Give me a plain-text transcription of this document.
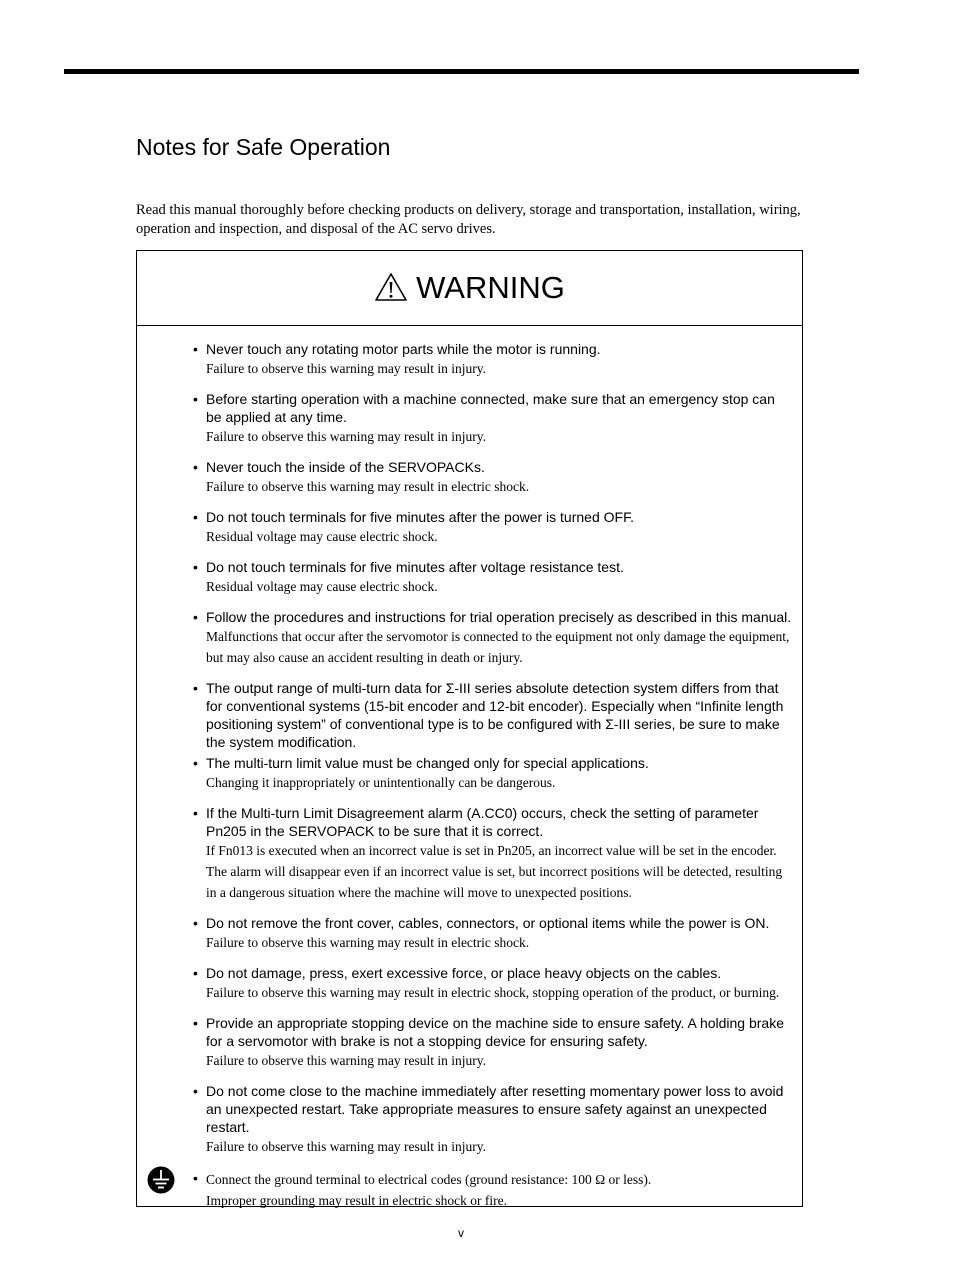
Notes for Safe Operation

Read this manual thoroughly before checking products on delivery, storage and transportation, installation, wiring, operation and inspection, and disposal of the AC servo drives.

WARNING
• Never touch any rotating motor parts while the motor is running.
Failure to observe this warning may result in injury.
• Before starting operation with a machine connected, make sure that an emergency stop can be applied at any time.
Failure to observe this warning may result in injury.
• Never touch the inside of the SERVOPACKs.
Failure to observe this warning may result in electric shock.
• Do not touch terminals for five minutes after the power is turned OFF.
Residual voltage may cause electric shock.
• Do not touch terminals for five minutes after voltage resistance test.
Residual voltage may cause electric shock.
• Follow the procedures and instructions for trial operation precisely as described in this manual.
Malfunctions that occur after the servomotor is connected to the equipment not only damage the equipment, but may also cause an accident resulting in death or injury.
• The output range of multi-turn data for Σ-III series absolute detection system differs from that for conventional systems (15-bit encoder and 12-bit encoder). Especially when “Infinite length positioning system” of conventional type is to be configured with Σ-III series, be sure to make the system modification.
• The multi-turn limit value must be changed only for special applications.
Changing it inappropriately or unintentionally can be dangerous.
• If the Multi-turn Limit Disagreement alarm (A.CC0) occurs, check the setting of parameter Pn205 in the SERVOPACK to be sure that it is correct.
If Fn013 is executed when an incorrect value is set in Pn205, an incorrect value will be set in the encoder. The alarm will disappear even if an incorrect value is set, but incorrect positions will be detected, resulting in a dangerous situation where the machine will move to unexpected positions.
• Do not remove the front cover, cables, connectors, or optional items while the power is ON.
Failure to observe this warning may result in electric shock.
• Do not damage, press, exert excessive force, or place heavy objects on the cables.
Failure to observe this warning may result in electric shock, stopping operation of the product, or burning.
• Provide an appropriate stopping device on the machine side to ensure safety. A holding brake for a servomotor with brake is not a stopping device for ensuring safety.
Failure to observe this warning may result in injury.
• Do not come close to the machine immediately after resetting momentary power loss to avoid an unexpected restart. Take appropriate measures to ensure safety against an unexpected restart.
Failure to observe this warning may result in injury.
• Connect the ground terminal to electrical codes (ground resistance: 100 Ω or less).
Improper grounding may result in electric shock or fire.
v
